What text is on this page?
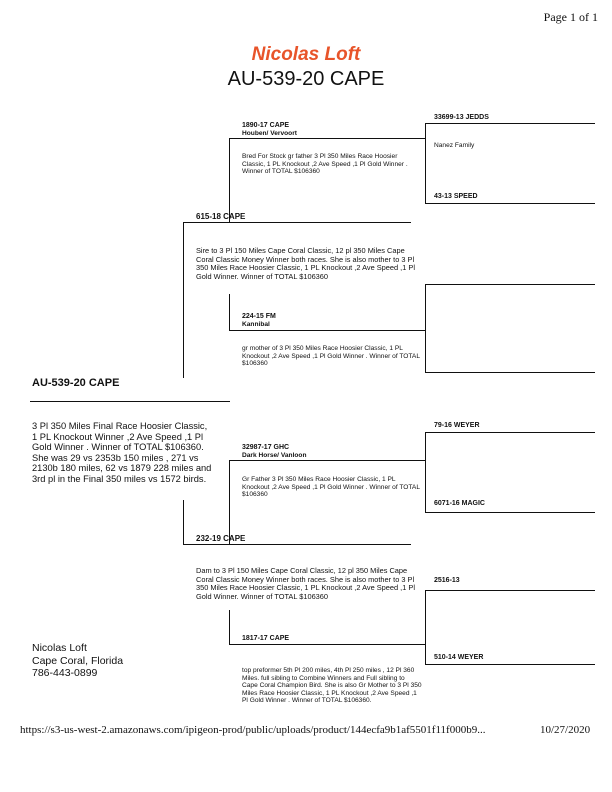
Page 1 of 1
Nicolas Loft
AU-539-20 CAPE
AU-539-20 CAPE
3 Pl 350 Miles Final Race Hoosier Classic, 1 PL Knockout Winner ,2 Ave Speed ,1 Pl Gold Winner . Winner of TOTAL $106360. She was 29 vs 2353b 150 miles , 271 vs 2130b 180 miles, 62 vs 1879 228 miles and 3rd pl in the Final 350 miles vs 1572 birds.
615-18 CAPE
Sire to 3 Pl 150 Miles Cape Coral Classic, 12 pl 350 Miles Cape Coral Classic Money Winner both races. She is also mother to 3 Pl 350 Miles Race Hoosier Classic, 1 PL Knockout ,2 Ave Speed ,1 Pl Gold Winner. Winner of TOTAL $106360
232-19 CAPE
Dam to 3 Pl 150 Miles Cape Coral Classic, 12 pl 350 Miles Cape Coral Classic Money Winner both races. She is also mother to 3 Pl 350 Miles Race Hoosier Classic, 1 PL Knockout ,2 Ave Speed ,1 Pl Gold Winner. Winner of TOTAL $106360
1890-17 CAPE
Houben/ Vervoort
Bred For Stock gr father 3 Pl 350 Miles Race Hoosier Classic, 1 PL Knockout ,2 Ave Speed ,1 Pl Gold Winner . Winner of TOTAL $106360
224-15 FM
Kannibal
gr mother of 3 Pl 350 Miles Race Hoosier Classic, 1 PL Knockout ,2 Ave Speed ,1 Pl Gold Winner . Winner of TOTAL $106360
32987-17 GHC
Dark Horse/ Vanloon
Gr Father 3 Pl 350 Miles Race Hoosier Classic, 1 PL Knockout ,2 Ave Speed ,1 Pl Gold Winner . Winner of TOTAL $106360
1817-17 CAPE
top preformer 5th Pl 200 miles, 4th Pl 250 miles , 12 Pl 360 Miles. full sibling to Combine Winners and Full sibling to Cape Coral Champion Bird. She is also Gr Mother to 3 Pl 350 Miles Race Hoosier Classic, 1 PL Knockout ,2 Ave Speed ,1 Pl Gold Winner . Winner of TOTAL $106360.
33699-13 JEDDS
Nanez Family
43-13 SPEED
79-16 WEYER
6071-16 MAGIC
2516-13
510-14 WEYER
Nicolas Loft
Cape Coral, Florida
786-443-0899
https://s3-us-west-2.amazonaws.com/ipigeon-prod/public/uploads/product/144ecfa9b1af5501f11f000b9...	10/27/2020
